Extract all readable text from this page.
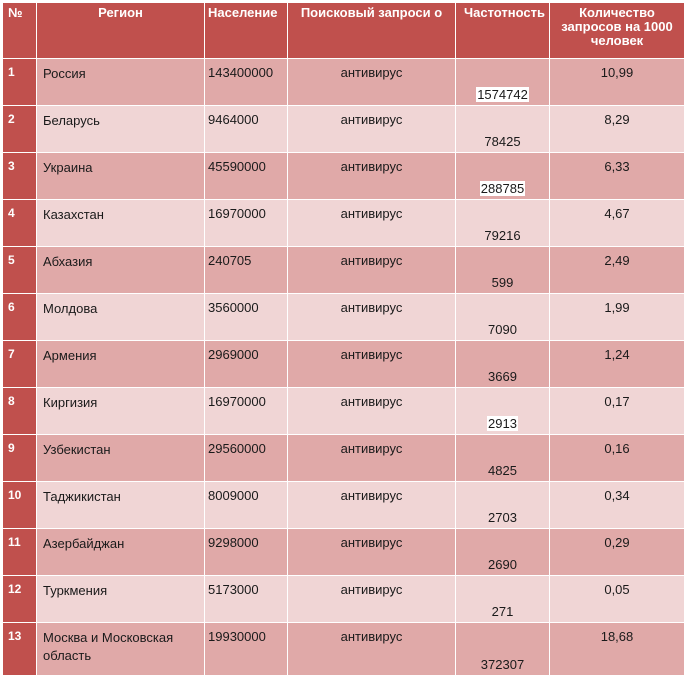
№	Регион	Население	Поисковый запроси о	Частотность	Количество запросов на 1000 человек
1	Россия	143400000	антивирус	1574742	10,99
2	Беларусь	9464000	антивирус	78425	8,29
3	Украина	45590000	антивирус	288785	6,33
4	Казахстан	16970000	антивирус	79216	4,67
5	Абхазия	240705	антивирус	599	2,49
6	Молдова	3560000	антивирус	7090	1,99
7	Армения	2969000	антивирус	3669	1,24
8	Киргизия	16970000	антивирус	2913	0,17
9	Узбекистан	29560000	антивирус	4825	0,16
10	Таджикистан	8009000	антивирус	2703	0,34
11	Азербайджан	9298000	антивирус	2690	0,29
12	Туркмения	5173000	антивирус	271	0,05
13	Москва и Московская область	19930000	антивирус	372307	18,68
